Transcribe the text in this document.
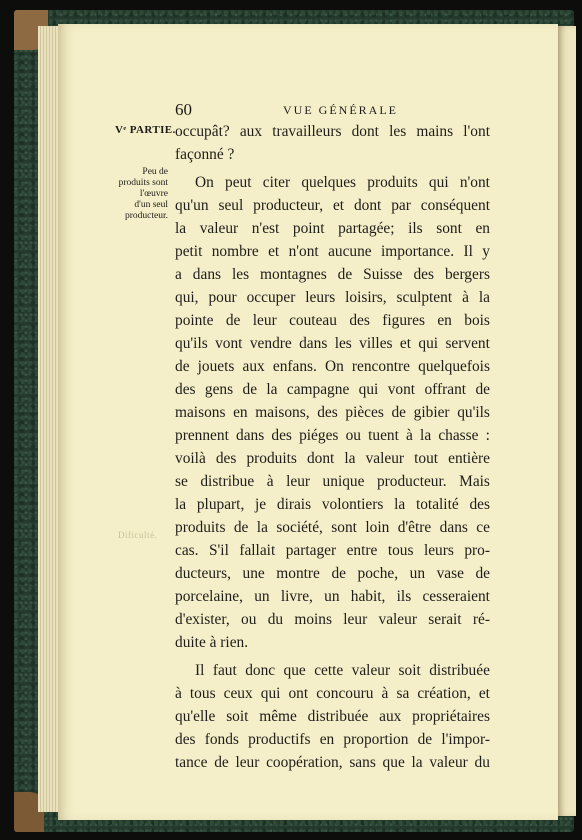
60	VUE GÉNÉRALE
Vᵉ PARTIE.
Peu de
produits sont
l'œuvre
d'un seul
producteur.
Dificulté.
occupât? aux travailleurs dont les mains l'ont
façonné ?
On peut citer quelques produits qui n'ont
qu'un seul producteur, et dont par conséquent
la valeur n'est point partagée; ils sont en
petit nombre et n'ont aucune importance. Il y
a dans les montagnes de Suisse des bergers
qui, pour occuper leurs loisirs, sculptent à la
pointe de leur couteau des figures en bois
qu'ils vont vendre dans les villes et qui servent
de jouets aux enfans. On rencontre quelquefois
des gens de la campagne qui vont offrant de
maisons en maisons, des pièces de gibier qu'ils
prennent dans des piéges ou tuent à la chasse :
voilà des produits dont la valeur tout entière
se distribue à leur unique producteur. Mais
la plupart, je dirais volontiers la totalité des
produits de la société, sont loin d'être dans ce
cas. S'il fallait partager entre tous leurs pro-
ducteurs, une montre de poche, un vase de
porcelaine, un livre, un habit, ils cesseraient
d'exister, ou du moins leur valeur serait ré-
duite à rien.
Il faut donc que cette valeur soit distribuée
à tous ceux qui ont concouru à sa création, et
qu'elle soit même distribuée aux propriétaires
des fonds productifs en proportion de l'impor-
tance de leur coopération, sans que la valeur du
